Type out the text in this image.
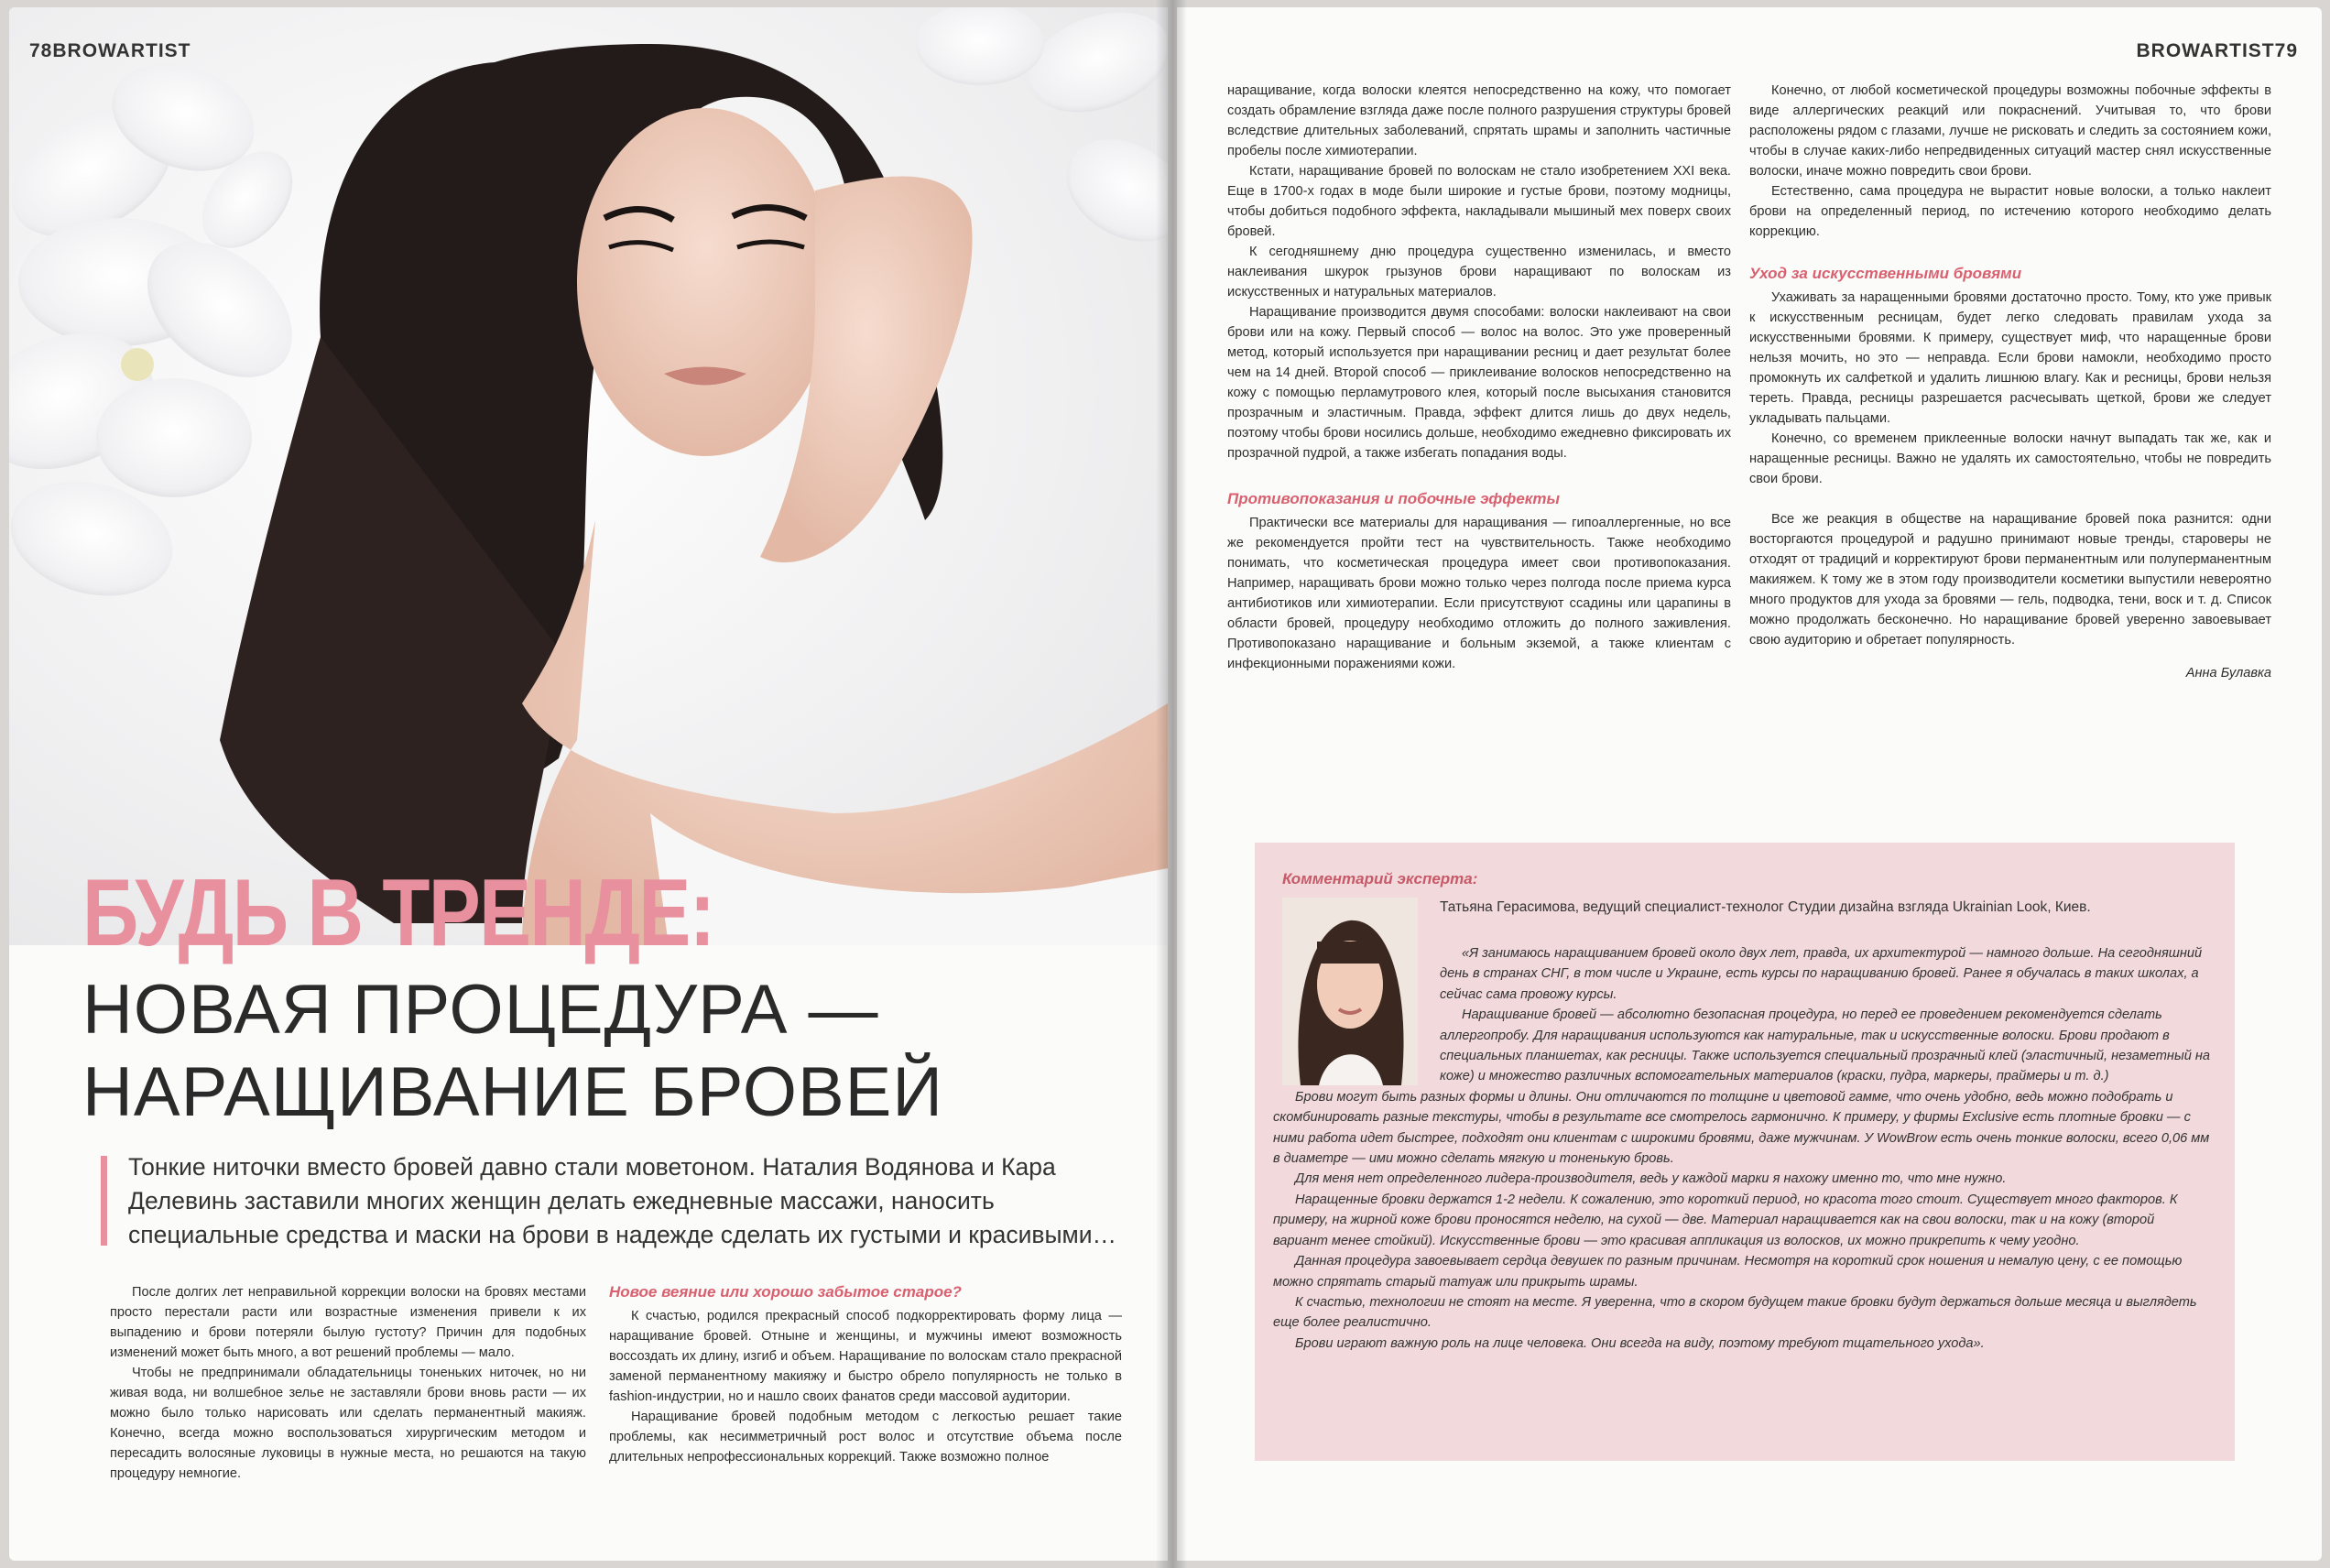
78BROWARTIST
БУДЬ В ТРЕНДЕ:
НОВАЯ ПРОЦЕДУРА —
НАРАЩИВАНИЕ БРОВЕЙ
Тонкие ниточки вместо бровей давно стали моветоном. Наталия Водянова и Кара Делевинь заставили многих женщин делать ежедневные массажи, наносить специальные средства и маски на брови в надежде сделать их густыми и красивыми…

После долгих лет неправильной коррекции волоски на бровях местами просто перестали расти или возрастные изменения привели к их выпадению и брови потеряли былую густоту? Причин для подобных изменений может быть много, а вот решений проблемы — мало.

Чтобы не предпринимали обладательницы тоненьких ниточек, но ни живая вода, ни волшебное зелье не заставляли брови вновь расти — их можно было только нарисовать или сделать перманентный макияж. Конечно, всегда можно воспользоваться хирургическим методом и пересадить волосяные луковицы в нужные места, но решаются на такую процедуру немногие.

Новое веяние или хорошо забытое старое?

К счастью, родился прекрасный способ подкорректировать форму лица — наращивание бровей. Отныне и женщины, и мужчины имеют возможность воссоздать их длину, изгиб и объем. Наращивание по волоскам стало прекрасной заменой перманентному макияжу и быстро обрело популярность не только в fashion-индустрии, но и нашло своих фанатов среди массовой аудитории.

Наращивание бровей подобным методом с легкостью решает такие проблемы, как несимметричный рост волос и отсутствие объема после длительных непрофессиональных коррекций. Также возможно полное

BROWARTIST79

наращивание, когда волоски клеятся непосредственно на кожу, что помогает создать обрамление взгляда даже после полного разрушения структуры бровей вследствие длительных заболеваний, спрятать шрамы и заполнить частичные пробелы после химиотерапии.

Кстати, наращивание бровей по волоскам не стало изобретением XXI века. Еще в 1700-х годах в моде были широкие и густые брови, поэтому модницы, чтобы добиться подобного эффекта, накладывали мышиный мех поверх своих бровей.

К сегодняшнему дню процедура существенно изменилась, и вместо наклеивания шкурок грызунов брови наращивают по волоскам из искусственных и натуральных материалов.

Наращивание производится двумя способами: волоски наклеивают на свои брови или на кожу. Первый способ — волос на волос. Это уже проверенный метод, который используется при наращивании ресниц и дает результат более чем на 14 дней. Второй способ — приклеивание волосков непосредственно на кожу с помощью перламутрового клея, который после высыхания становится прозрачным и эластичным. Правда, эффект длится лишь до двух недель, поэтому чтобы брови носились дольше, необходимо ежедневно фиксировать их прозрачной пудрой, а также избегать попадания воды.

Противопоказания и побочные эффекты

Практически все материалы для наращивания — гипоаллергенные, но все же рекомендуется пройти тест на чувствительность. Также необходимо понимать, что косметическая процедура имеет свои противопоказания. Например, наращивать брови можно только через полгода после приема курса антибиотиков или химиотерапии. Если присутствуют ссадины или царапины в области бровей, процедуру необходимо отложить до полного заживления. Противопоказано наращивание и больным экземой, а также клиентам с инфекционными поражениями кожи.

Конечно, от любой косметической процедуры возможны побочные эффекты в виде аллергических реакций или покраснений. Учитывая то, что брови расположены рядом с глазами, лучше не рисковать и следить за состоянием кожи, чтобы в случае каких-либо непредвиденных ситуаций мастер снял искусственные волоски, иначе можно повредить свои брови.

Естественно, сама процедура не вырастит новые волоски, а только наклеит брови на определенный период, по истечению которого необходимо делать коррекцию.

Уход за искусственными бровями

Ухаживать за наращенными бровями достаточно просто. Тому, кто уже привык к искусственным ресницам, будет легко следовать правилам ухода за искусственными бровями. К примеру, существует миф, что наращенные брови нельзя мочить, но это — неправда. Если брови намокли, необходимо просто промокнуть их салфеткой и удалить лишнюю влагу. Как и ресницы, брови нельзя тереть. Правда, ресницы разрешается расчесывать щеткой, брови же следует укладывать пальцами.

Конечно, со временем приклеенные волоски начнут выпадать так же, как и наращенные ресницы. Важно не удалять их самостоятельно, чтобы не повредить свои брови.

Все же реакция в обществе на наращивание бровей пока разнится: одни восторгаются процедурой и радушно принимают новые тренды, староверы не отходят от традиций и корректируют брови перманентным или полуперманентным макияжем. К тому же в этом году производители косметики выпустили невероятно много продуктов для ухода за бровями — гель, подводка, тени, воск и т. д. Список можно продолжать бесконечно. Но наращивание бровей уверенно завоевывает свою аудиторию и обретает популярность.

Анна Булавка

Комментарий эксперта:
Татьяна Герасимова, ведущий специалист-технолог Студии дизайна взгляда Ukrainian Look, Киев.

«Я занимаюсь наращиванием бровей около двух лет, правда, их архитектурой — намного дольше. На сегодняшний день в странах СНГ, в том числе и Украине, есть курсы по наращиванию бровей. Ранее я обучалась в таких школах, а сейчас сама провожу курсы.

Наращивание бровей — абсолютно безопасная процедура, но перед ее проведением рекомендуется сделать аллергопробу. Для наращивания используются как натуральные, так и искусственные волоски. Брови продают в специальных планшетах, как ресницы. Также используется специальный прозрачный клей (эластичный, незаметный на коже) и множество различных вспомогательных материалов (краски, пудра, маркеры, праймеры и т. д.)

Брови могут быть разных формы и длины. Они отличаются по толщине и цветовой гамме, что очень удобно, ведь можно подобрать и скомбинировать разные текстуры, чтобы в результате все смотрелось гармонично. К примеру, у фирмы Exclusive есть плотные бровки — с ними работа идет быстрее, подходят они клиентам с широкими бровями, даже мужчинам. У WowBrow есть очень тонкие волоски, всего 0,06 мм в диаметре — ими можно сделать мягкую и тоненькую бровь.

Для меня нет определенного лидера-производителя, ведь у каждой марки я нахожу именно то, что мне нужно.

Наращенные бровки держатся 1-2 недели. К сожалению, это короткий период, но красота того стоит. Существует много факторов. К примеру, на жирной коже брови проносятся неделю, на сухой — две. Материал наращивается как на свои волоски, так и на кожу (второй вариант менее стойкий). Искусственные брови — это красивая аппликация из волосков, их можно прикрепить к чему угодно.

Данная процедура завоевывает сердца девушек по разным причинам. Несмотря на короткий срок ношения и немалую цену, с ее помощью можно спрятать старый татуаж или прикрыть шрамы.

К счастью, технологии не стоят на месте. Я уверенна, что в скором будущем такие бровки будут держаться дольше месяца и выглядеть еще более реалистично.

Брови играют важную роль на лице человека. Они всегда на виду, поэтому требуют тщательного ухода».
